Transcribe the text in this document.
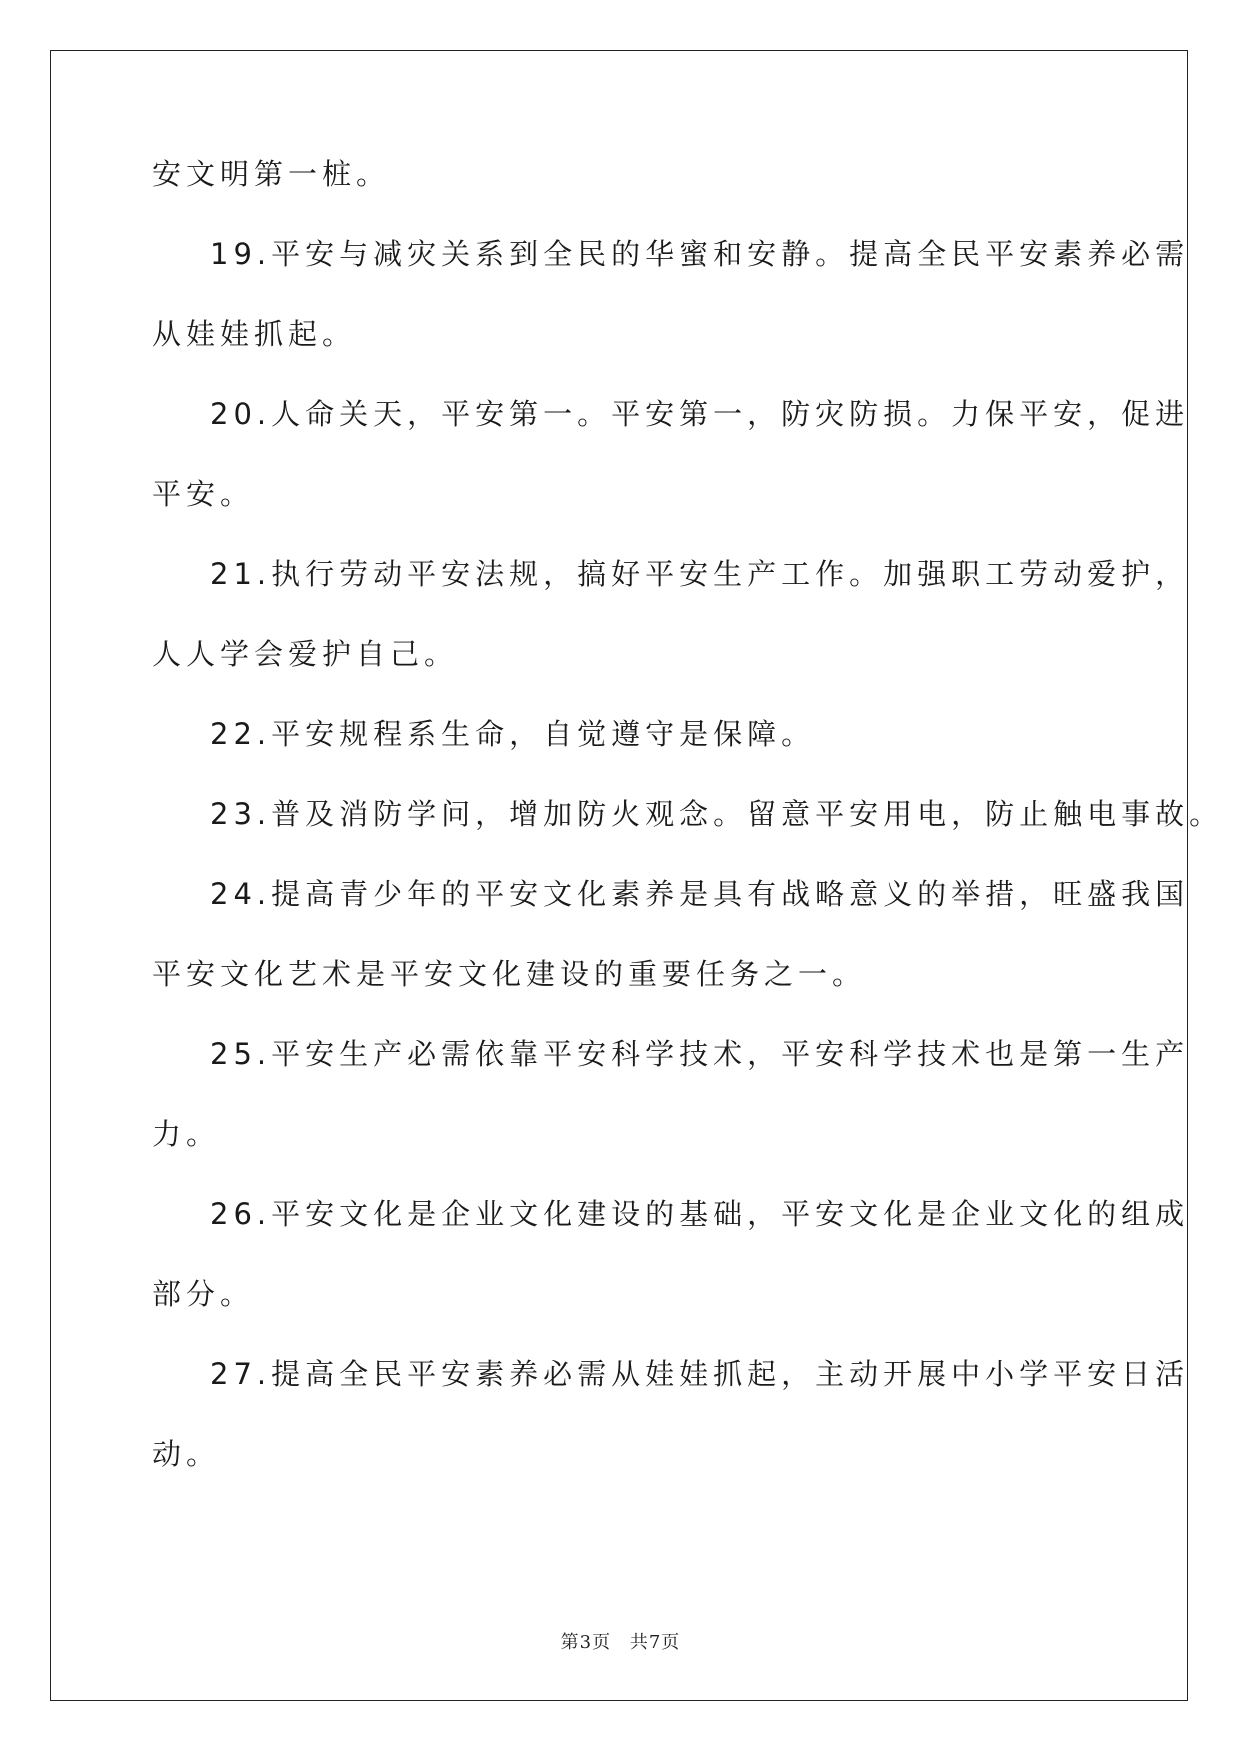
安文明第一桩。
19.平安与减灾关系到全民的华蜜和安静。提高全民平安素养必需
从娃娃抓起。
20.人命关天，平安第一。平安第一，防灾防损。力保平安，促进
平安。
21.执行劳动平安法规，搞好平安生产工作。加强职工劳动爱护，
人人学会爱护自己。
22.平安规程系生命，自觉遵守是保障。
23.普及消防学问，增加防火观念。留意平安用电，防止触电事故。
24.提高青少年的平安文化素养是具有战略意义的举措，旺盛我国
平安文化艺术是平安文化建设的重要任务之一。
25.平安生产必需依靠平安科学技术，平安科学技术也是第一生产
力。
26.平安文化是企业文化建设的基础，平安文化是企业文化的组成
部分。
27.提高全民平安素养必需从娃娃抓起，主动开展中小学平安日活
动。
第3页 共7页
